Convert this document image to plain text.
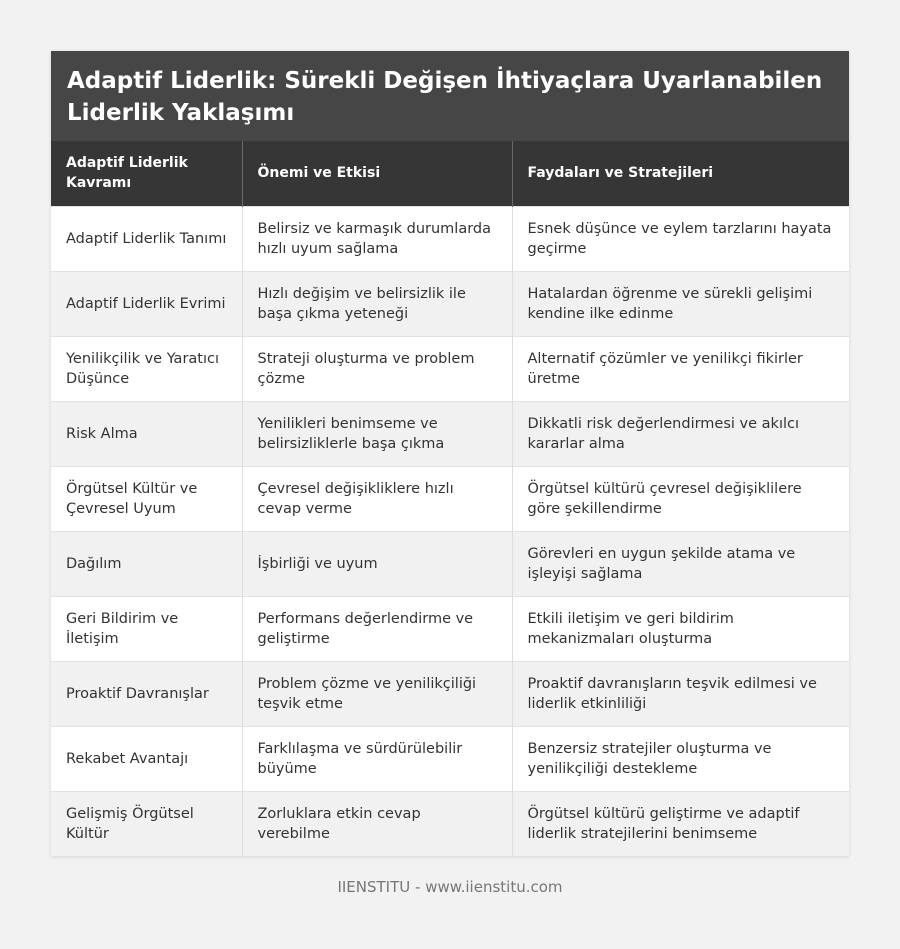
Adaptif Liderlik: Sürekli Değişen İhtiyaçlara Uyarlanabilen Liderlik Yaklaşımı
Adaptif Liderlik Kavramı	Önemi ve Etkisi	Faydaları ve Stratejileri
Adaptif Liderlik Tanımı	Belirsiz ve karmaşık durumlarda hızlı uyum sağlama	Esnek düşünce ve eylem tarzlarını hayata geçirme
Adaptif Liderlik Evrimi	Hızlı değişim ve belirsizlik ile başa çıkma yeteneği	Hatalardan öğrenme ve sürekli gelişimi kendine ilke edinme
Yenilikçilik ve Yaratıcı Düşünce	Strateji oluşturma ve problem çözme	Alternatif çözümler ve yenilikçi fikirler üretme
Risk Alma	Yenilikleri benimseme ve belirsizliklerle başa çıkma	Dikkatli risk değerlendirmesi ve akılcı kararlar alma
Örgütsel Kültür ve Çevresel Uyum	Çevresel değişikliklere hızlı cevap verme	Örgütsel kültürü çevresel değişiklilere göre şekillendirme
Dağılım	İşbirliği ve uyum	Görevleri en uygun şekilde atama ve işleyişi sağlama
Geri Bildirim ve İletişim	Performans değerlendirme ve geliştirme	Etkili iletişim ve geri bildirim mekanizmaları oluşturma
Proaktif Davranışlar	Problem çözme ve yenilikçiliği teşvik etme	Proaktif davranışların teşvik edilmesi ve liderlik etkinliliği
Rekabet Avantajı	Farklılaşma ve sürdürülebilir büyüme	Benzersiz stratejiler oluşturma ve yenilikçiliği destekleme
Gelişmiş Örgütsel Kültür	Zorluklara etkin cevap verebilme	Örgütsel kültürü geliştirme ve adaptif liderlik stratejilerini benimseme
IIENSTITU - www.iienstitu.com
